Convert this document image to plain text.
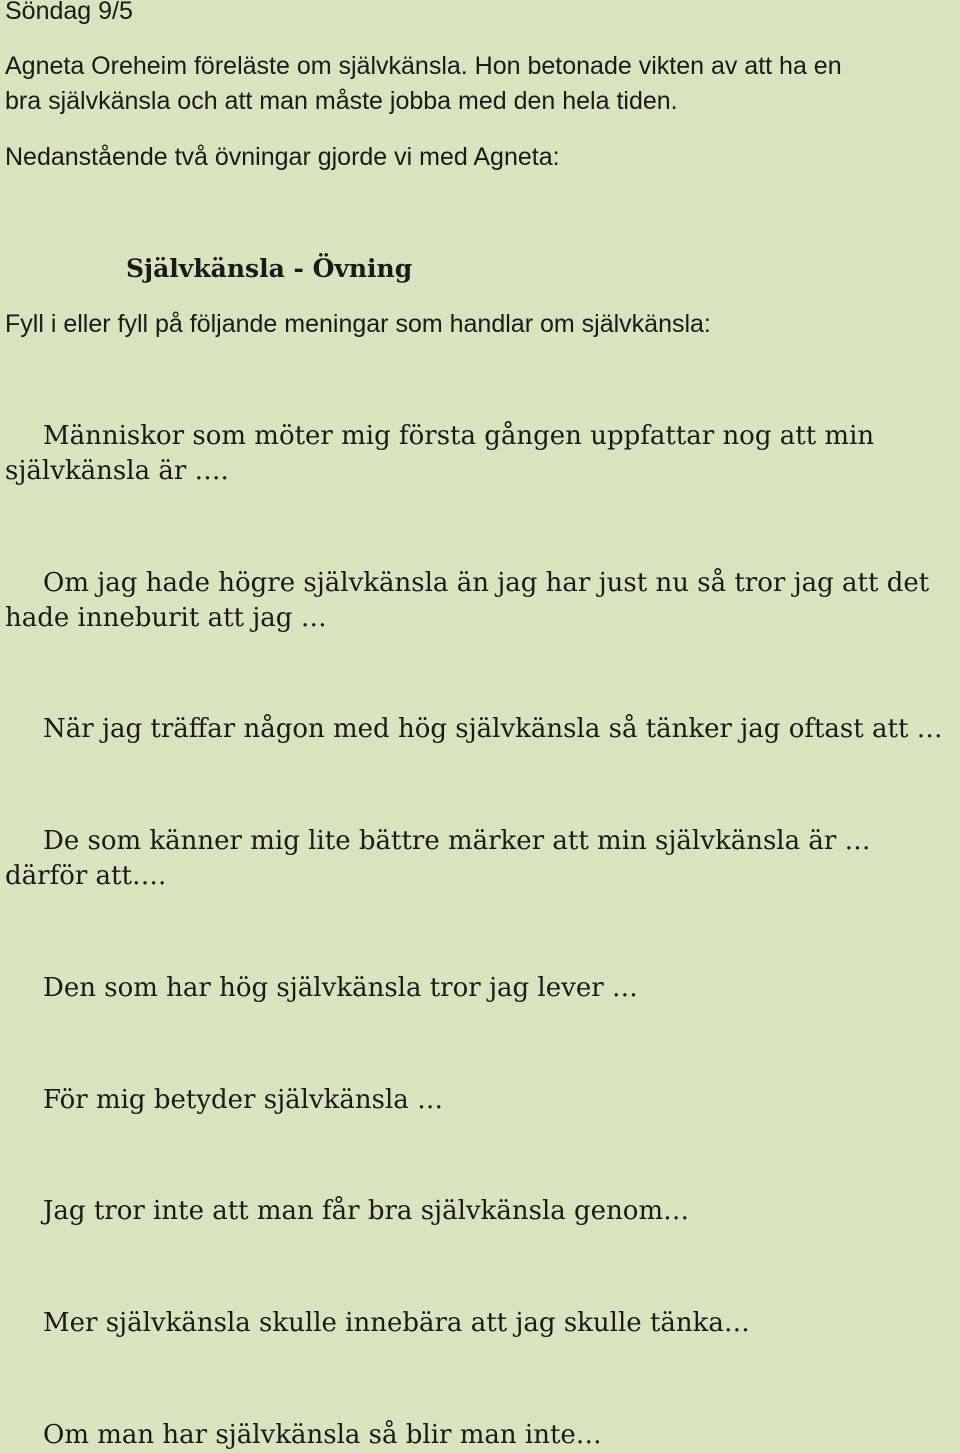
Söndag 9/5

Agneta Oreheim föreläste om självkänsla. Hon betonade vikten av att ha en

bra självkänsla och att man måste jobba med den hela tiden.

Nedanstående två övningar gjorde vi med Agneta:

Självkänsla - Övning

Fyll i eller fyll på följande meningar som handlar om självkänsla:

Människor som möter mig första gången uppfattar nog att min självkänsla är ….

Om jag hade högre självkänsla än jag har just nu så tror jag att det hade inneburit att jag …

När jag träffar någon med hög självkänsla så tänker jag oftast att …

De som känner mig lite bättre märker att min självkänsla är … därför att….

Den som har hög självkänsla tror jag lever …

För mig betyder självkänsla …

Jag tror inte att man får bra självkänsla genom…

Mer självkänsla skulle innebära att jag skulle tänka…

Om man har självkänsla så blir man inte…
